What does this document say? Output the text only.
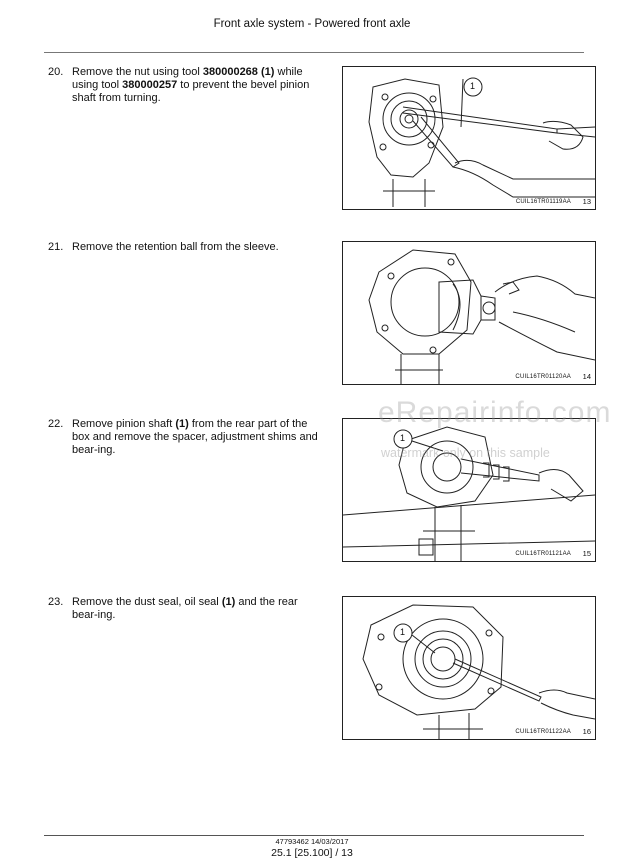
Front axle system - Powered front axle
20. Remove the nut using tool 380000268 (1) while using tool 380000257 to prevent the bevel pinion shaft from turning.
1
CUIL16TR01119AA 13
21. Remove the retention ball from the sleeve.
CUIL16TR01120AA 14
22. Remove pinion shaft (1) from the rear part of the box and remove the spacer, adjustment shims and bear-ing.
1
CUIL16TR01121AA 15
23. Remove the dust seal, oil seal (1) and the rear bear-ing.
1
CUIL16TR01122AA 16
eRepairinfo.com
watermark only on this sample
47793462 14/03/2017
25.1 [25.100] / 13
